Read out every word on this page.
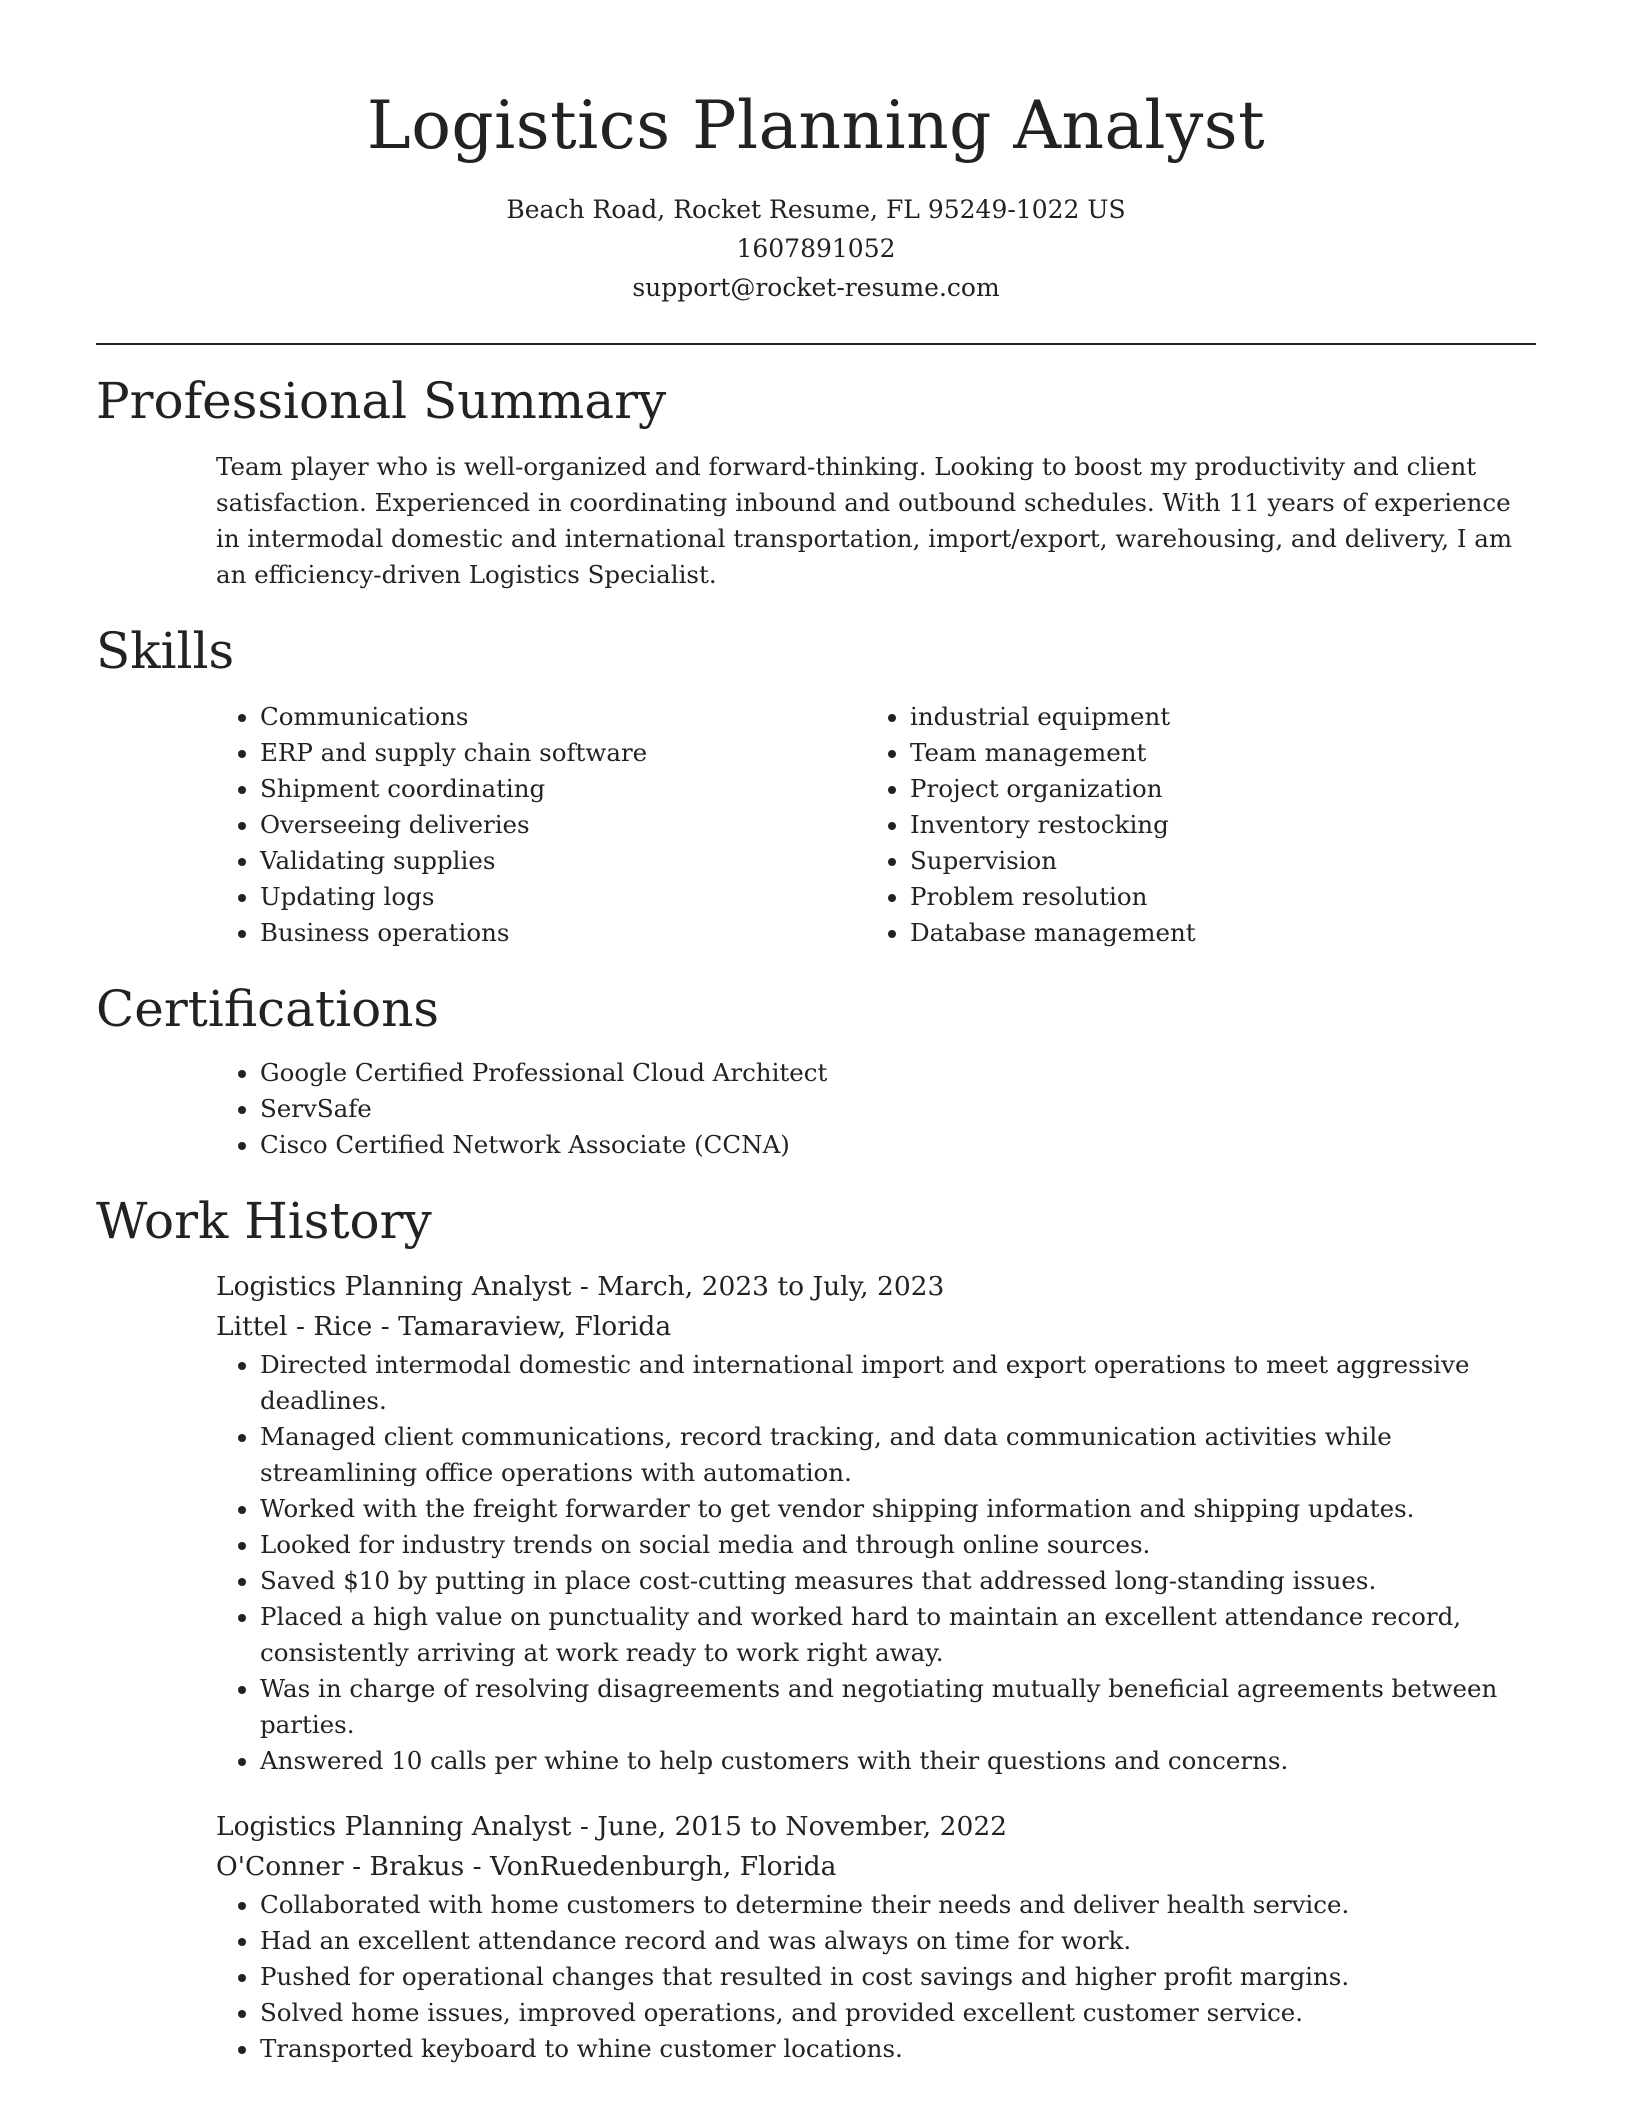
Logistics Planning Analyst
Beach Road, Rocket Resume, FL 95249-1022 US
1607891052
support@rocket-resume.com
Professional Summary
Team player who is well-organized and forward-thinking. Looking to boost my productivity and client satisfaction. Experienced in coordinating inbound and outbound schedules. With 11 years of experience in intermodal domestic and international transportation, import/export, warehousing, and delivery, I am an efficiency-driven Logistics Specialist.
Skills
• Communications
• ERP and supply chain software
• Shipment coordinating
• Overseeing deliveries
• Validating supplies
• Updating logs
• Business operations
• industrial equipment
• Team management
• Project organization
• Inventory restocking
• Supervision
• Problem resolution
• Database management
Certifications
• Google Certified Professional Cloud Architect
• ServSafe
• Cisco Certified Network Associate (CCNA)
Work History
Logistics Planning Analyst - March, 2023 to July, 2023
Littel - Rice - Tamaraview, Florida
• Directed intermodal domestic and international import and export operations to meet aggressive deadlines.
• Managed client communications, record tracking, and data communication activities while streamlining office operations with automation.
• Worked with the freight forwarder to get vendor shipping information and shipping updates.
• Looked for industry trends on social media and through online sources.
• Saved $10 by putting in place cost-cutting measures that addressed long-standing issues.
• Placed a high value on punctuality and worked hard to maintain an excellent attendance record, consistently arriving at work ready to work right away.
• Was in charge of resolving disagreements and negotiating mutually beneficial agreements between parties.
• Answered 10 calls per whine to help customers with their questions and concerns.
Logistics Planning Analyst - June, 2015 to November, 2022
O'Conner - Brakus - VonRuedenburgh, Florida
• Collaborated with home customers to determine their needs and deliver health service.
• Had an excellent attendance record and was always on time for work.
• Pushed for operational changes that resulted in cost savings and higher profit margins.
• Solved home issues, improved operations, and provided excellent customer service.
• Transported keyboard to whine customer locations.
